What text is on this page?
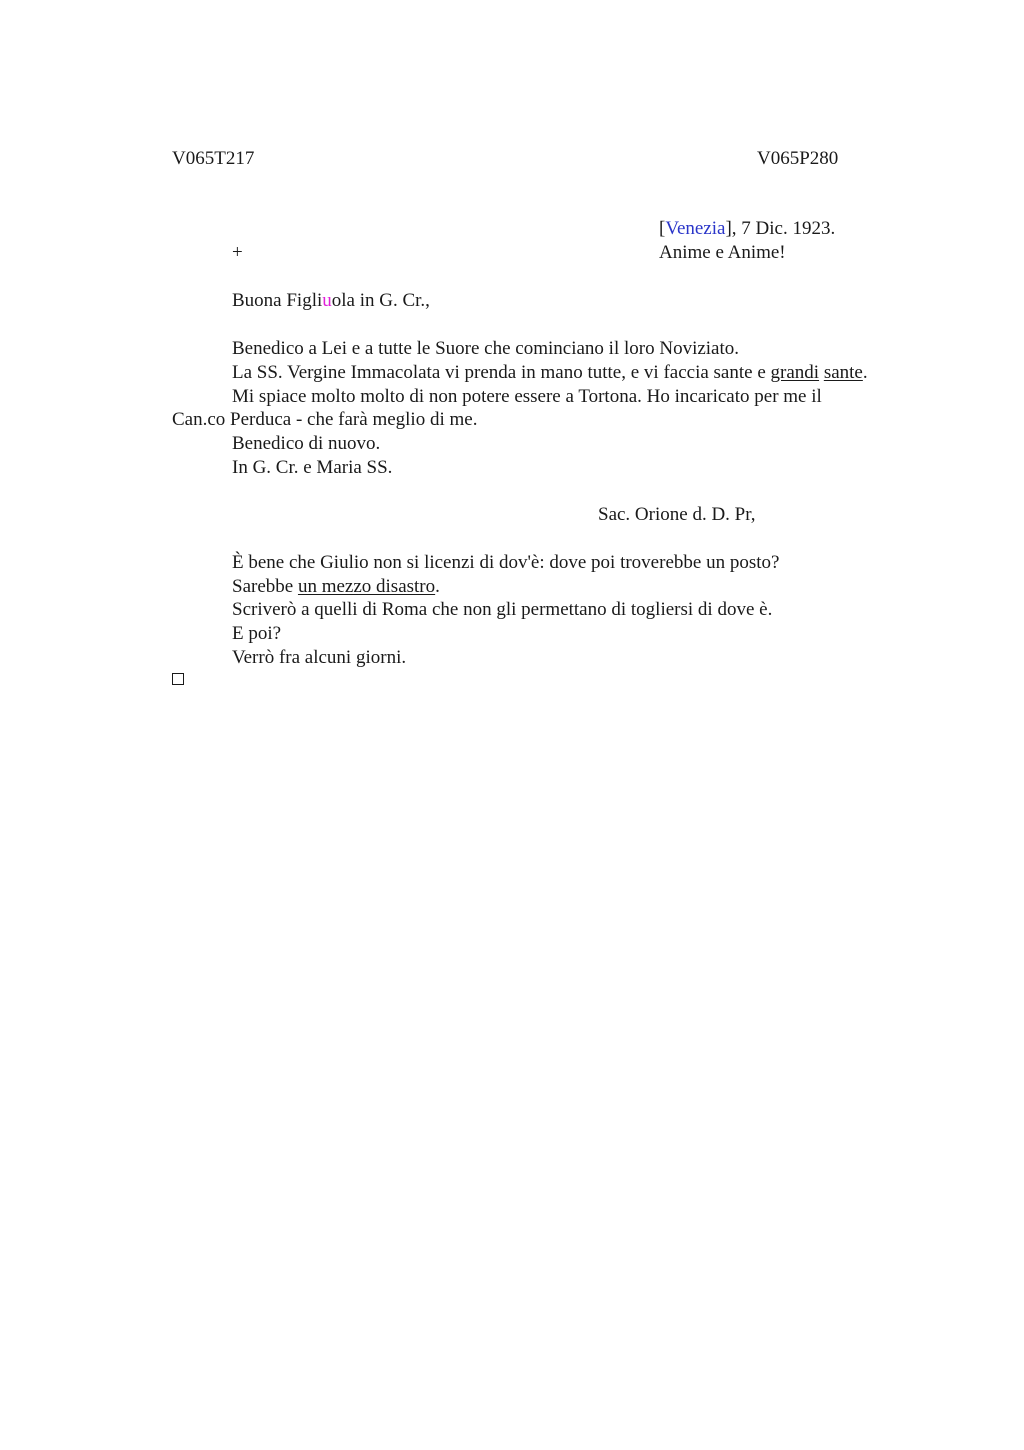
V065T217	V065P280
[Venezia], 7 Dic. 1923.
+	Anime e Anime!
Buona Figliuola in G. Cr.,
Benedico a Lei e a tutte le Suore che cominciano il loro Noviziato.
La SS. Vergine Immacolata vi prenda in mano tutte, e vi faccia sante e grandi sante.
Mi spiace molto molto di non potere essere a Tortona. Ho incaricato per me il
Can.co Perduca - che farà meglio di me.
Benedico di nuovo.
In G. Cr. e Maria SS.
Sac. Orione d. D. Pr,
È bene che Giulio non si licenzi di dov'è: dove poi troverebbe un posto?
Sarebbe un mezzo disastro.
Scriverò a quelli di Roma che non gli permettano di togliersi di dove è.
E poi?
Verrò fra alcuni giorni.
